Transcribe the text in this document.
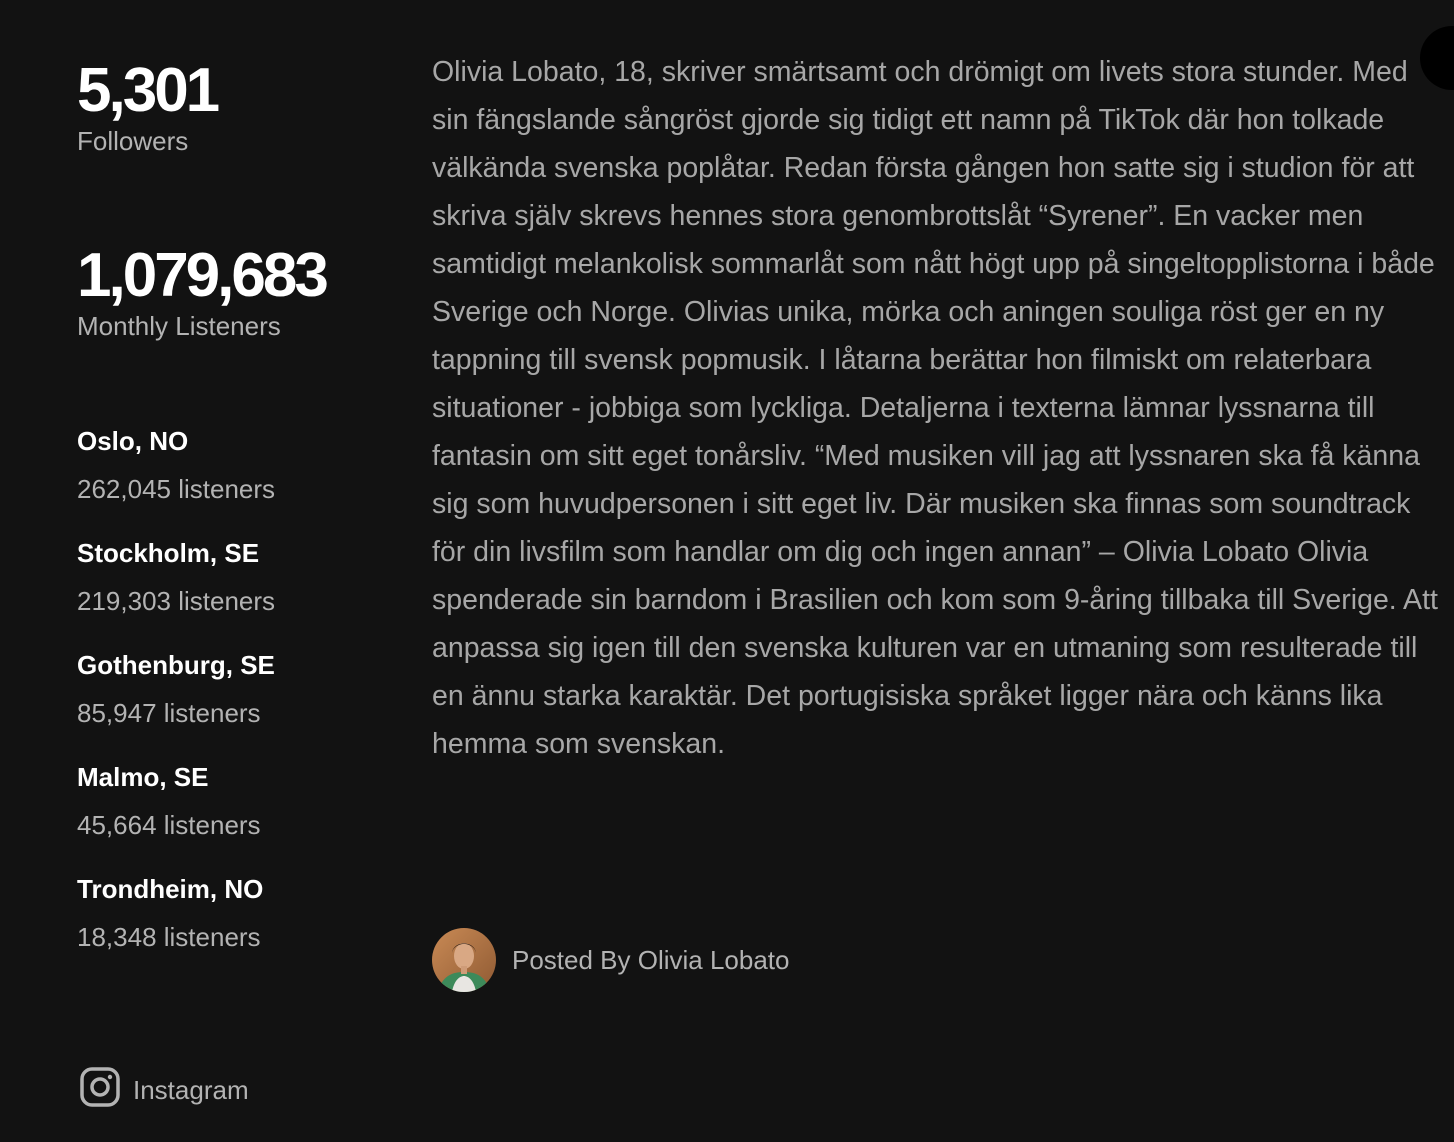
5,301
Followers
1,079,683
Monthly Listeners
Oslo, NO
262,045 listeners
Stockholm, SE
219,303 listeners
Gothenburg, SE
85,947 listeners
Malmo, SE
45,664 listeners
Trondheim, NO
18,348 listeners
Instagram

Olivia Lobato, 18, skriver smärtsamt och drömigt om livets stora stunder. Med sin fängslande sångröst gjorde sig tidigt ett namn på TikTok där hon tolkade välkända svenska poplåtar. Redan första gången hon satte sig i studion för att skriva själv skrevs hennes stora genombrottslåt “Syrener”. En vacker men samtidigt melankolisk sommarlåt som nått högt upp på singeltopplistorna i både Sverige och Norge. Olivias unika, mörka och aningen souliga röst ger en ny tappning till svensk popmusik. I låtarna berättar hon filmiskt om relaterbara situationer - jobbiga som lyckliga. Detaljerna i texterna lämnar lyssnarna till fantasin om sitt eget tonårsliv. “Med musiken vill jag att lyssnaren ska få känna sig som huvudpersonen i sitt eget liv. Där musiken ska finnas som soundtrack för din livsfilm som handlar om dig och ingen annan” – Olivia Lobato Olivia spenderade sin barndom i Brasilien och kom som 9-åring tillbaka till Sverige. Att anpassa sig igen till den svenska kulturen var en utmaning som resulterade till en ännu starka karaktär. Det portugisiska språket ligger nära och känns lika hemma som svenskan.

Posted By Olivia Lobato
